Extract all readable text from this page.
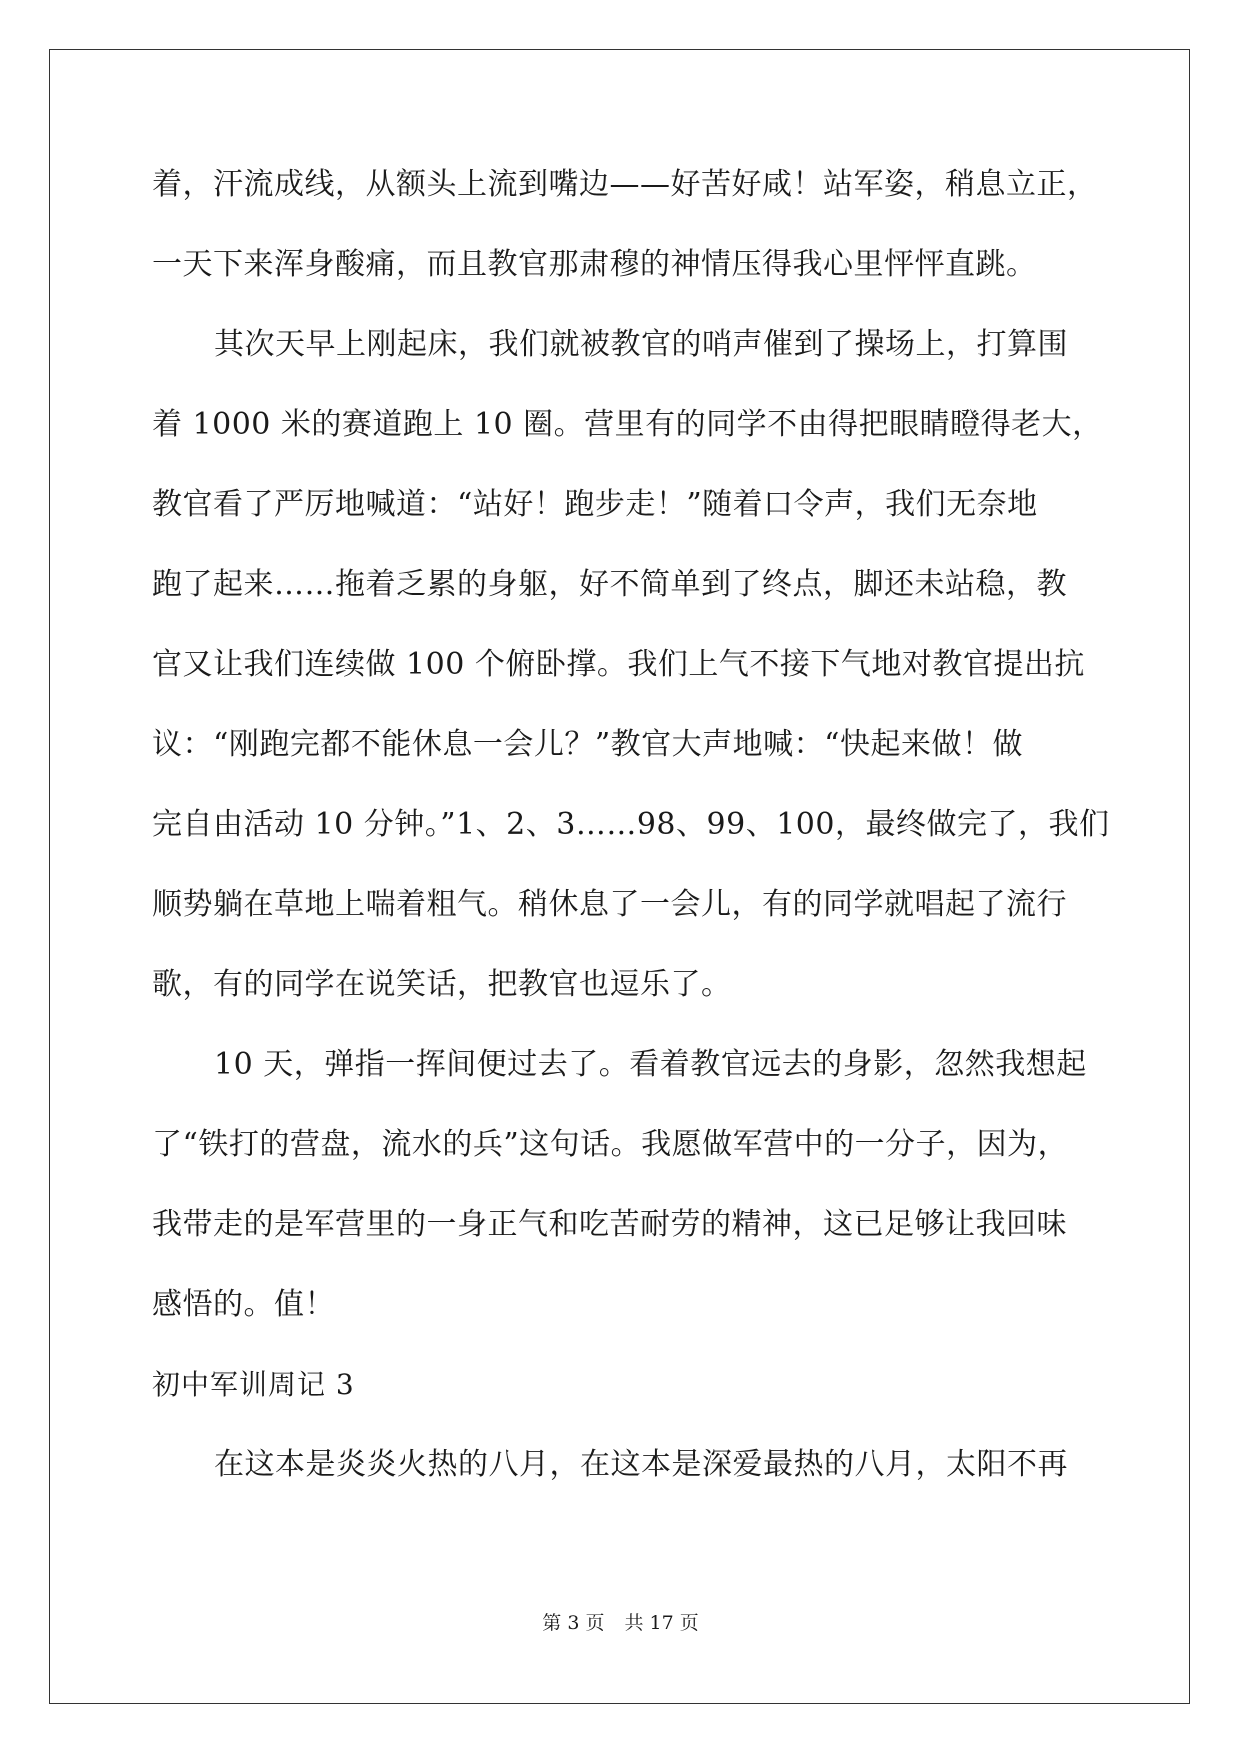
着，汗流成线，从额头上流到嘴边——好苦好咸！站军姿，稍息立正，
一天下来浑身酸痛，而且教官那肃穆的神情压得我心里怦怦直跳。
其次天早上刚起床，我们就被教官的哨声催到了操场上，打算围
着 1000 米的赛道跑上 10 圈。营里有的同学不由得把眼睛瞪得老大，
教官看了严厉地喊道：“站好！跑步走！”随着口令声，我们无奈地
跑了起来……拖着乏累的身躯，好不简单到了终点，脚还未站稳，教
官又让我们连续做 100 个俯卧撑。我们上气不接下气地对教官提出抗
议：“刚跑完都不能休息一会儿？”教官大声地喊：“快起来做！做
完自由活动 10 分钟。”1、2、3……98、99、100，最终做完了，我们
顺势躺在草地上喘着粗气。稍休息了一会儿，有的同学就唱起了流行
歌，有的同学在说笑话，把教官也逗乐了。
10 天，弹指一挥间便过去了。看着教官远去的身影，忽然我想起
了“铁打的营盘，流水的兵”这句话。我愿做军营中的一分子，因为，
我带走的是军营里的一身正气和吃苦耐劳的精神，这已足够让我回味
感悟的。值！
初中军训周记 3
在这本是炎炎火热的八月，在这本是深爱最热的八月，太阳不再
第 3 页 共 17 页
